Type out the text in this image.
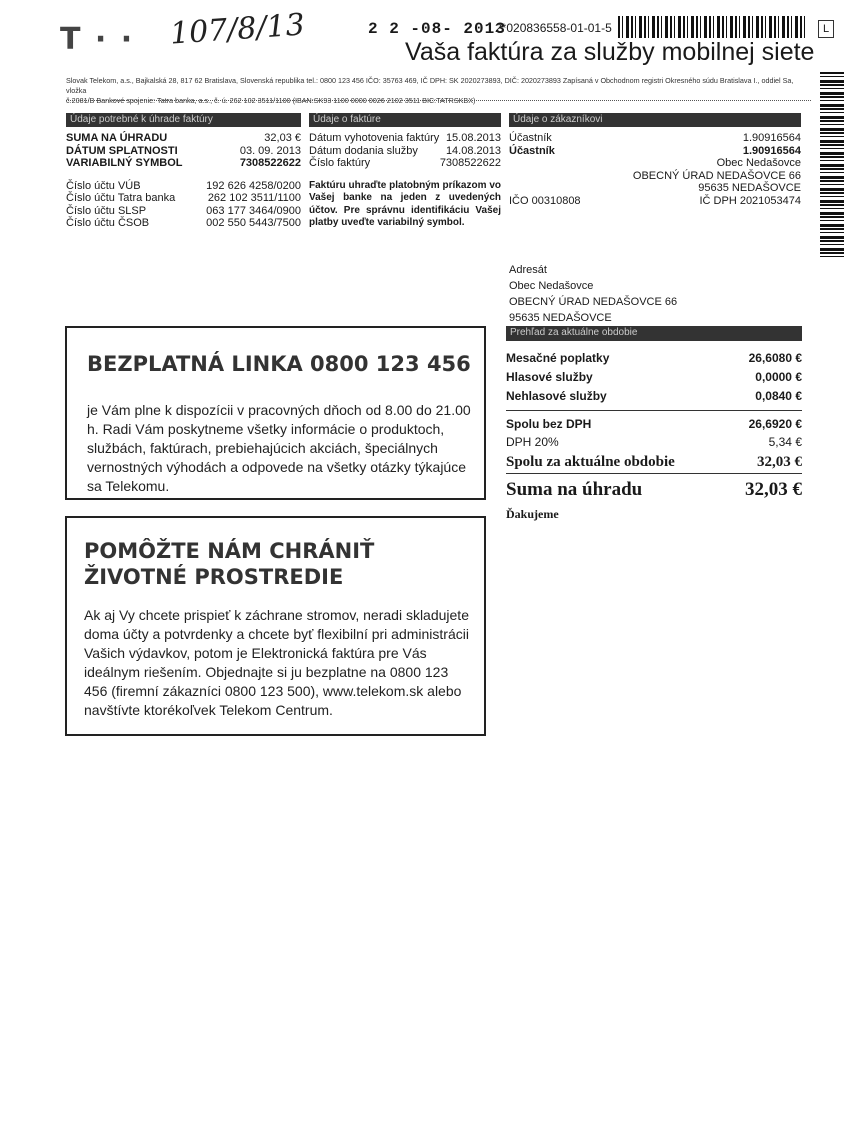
T · · 107/8/13	2 2 -08- 2013
2*020836558-01-01-5	L
Vaša faktúra za služby mobilnej siete
Slovak Telekom, a.s., Bajkalská 28, 817 62 Bratislava, Slovenská republika tel.: 0800 123 456 IČO: 35763 469, IČ DPH: SK 2020273893, DIČ: 2020273893 Zapísaná v Obchodnom registri Okresného súdu Bratislava I., oddiel Sa, vložka
č.2081/B Bankové spojenie: Tatra banka, a.s., č. ú. 262 102 3511/1100 (IBAN:SK93 1100 0000 0026 2102 3511 BIC:TATRSKBX)
Údaje potrebné k úhrade faktúry
SUMA NA ÚHRADU	32,03 €
DÁTUM SPLATNOSTI	03. 09. 2013
VARIABILNÝ SYMBOL	7308522622
Číslo účtu VÚB	192 626 4258/0200
Číslo účtu Tatra banka	262 102 3511/1100
Číslo účtu SLSP	063 177 3464/0900
Číslo účtu ČSOB	002 550 5443/7500
Údaje o faktúre
Dátum vyhotovenia faktúry 15.08.2013
Dátum dodania služby	14.08.2013
Číslo faktúry	7308522622
Faktúru uhraďte platobným príkazom vo Vašej banke na jeden z uvedených účtov. Pre správnu identifikáciu Vašej platby uveďte variabilný symbol.
Údaje o zákazníkovi
Účastník	1.90916564
Účastník	1.90916564
Obec Nedašovce
OBECNÝ ÚRAD NEDAŠOVCE 66
95635 NEDAŠOVCE
IČO 00310808	IČ DPH 2021053474
Adresát
Obec Nedašovce
OBECNÝ ÚRAD NEDAŠOVCE 66
95635 NEDAŠOVCE
Prehľad za aktuálne obdobie
Mesačné poplatky	26,6080 €
Hlasové služby	0,0000 €
Nehlasové služby	0,0840 €
Spolu bez DPH	26,6920 €
DPH 20%	5,34 €
Spolu za aktuálne obdobie	32,03 €
Suma na úhradu	32,03 €
Ďakujeme
BEZPLATNÁ LINKA 0800 123 456
je Vám plne k dispozícii v pracovných dňoch od 8.00 do 21.00 h. Radi Vám poskytneme všetky informácie o produktoch, službách, faktúrach, prebiehajúcich akciách, špeciálnych vernostných výhodách a odpovede na všetky otázky týkajúce sa Telekomu.
POMÔŽTE NÁM CHRÁNIŤ ŽIVOTNÉ PROSTREDIE
Ak aj Vy chcete prispieť k záchrane stromov, neradi skladujete doma účty a potvrdenky a chcete byť flexibilní pri administrácii Vašich výdavkov, potom je Elektronická faktúra pre Vás ideálnym riešením. Objednajte si ju bezplatne na 0800 123 456 (firemní zákazníci 0800 123 500), www.telekom.sk alebo navštívte ktorékoľvek Telekom Centrum.
